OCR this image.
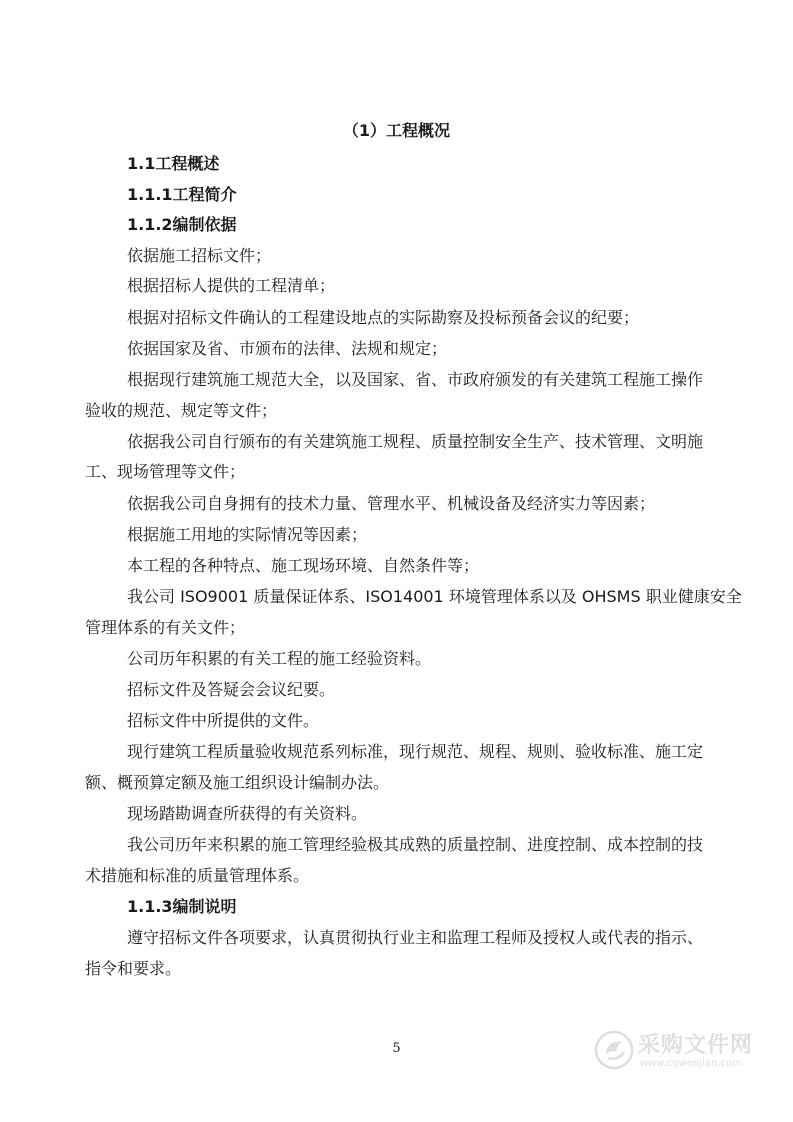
（1）工程概况
1.1工程概述
1.1.1工程简介
1.1.2编制依据
依据施工招标文件；
根据招标人提供的工程清单；
根据对招标文件确认的工程建设地点的实际勘察及投标预备会议的纪要；
依据国家及省、市颁布的法律、法规和规定；
根据现行建筑施工规范大全，以及国家、省、市政府颁发的有关建筑工程施工操作
验收的规范、规定等文件；
依据我公司自行颁布的有关建筑施工规程、质量控制安全生产、技术管理、文明施
工、现场管理等文件；
依据我公司自身拥有的技术力量、管理水平、机械设备及经济实力等因素；
根据施工用地的实际情况等因素；
本工程的各种特点、施工现场环境、自然条件等；
我公司 ISO9001 质量保证体系、ISO14001 环境管理体系以及 OHSMS 职业健康安全
管理体系的有关文件；
公司历年积累的有关工程的施工经验资料。
招标文件及答疑会会议纪要。
招标文件中所提供的文件。
现行建筑工程质量验收规范系列标准，现行规范、规程、规则、验收标准、施工定
额、概预算定额及施工组织设计编制办法。
现场踏勘调查所获得的有关资料。
我公司历年来积累的施工管理经验极其成熟的质量控制、进度控制、成本控制的技
术措施和标准的质量管理体系。
1.1.3编制说明
遵守招标文件各项要求，认真贯彻执行业主和监理工程师及授权人或代表的指示、
指令和要求。
5	采购文件网
www.cgwenjian.com
